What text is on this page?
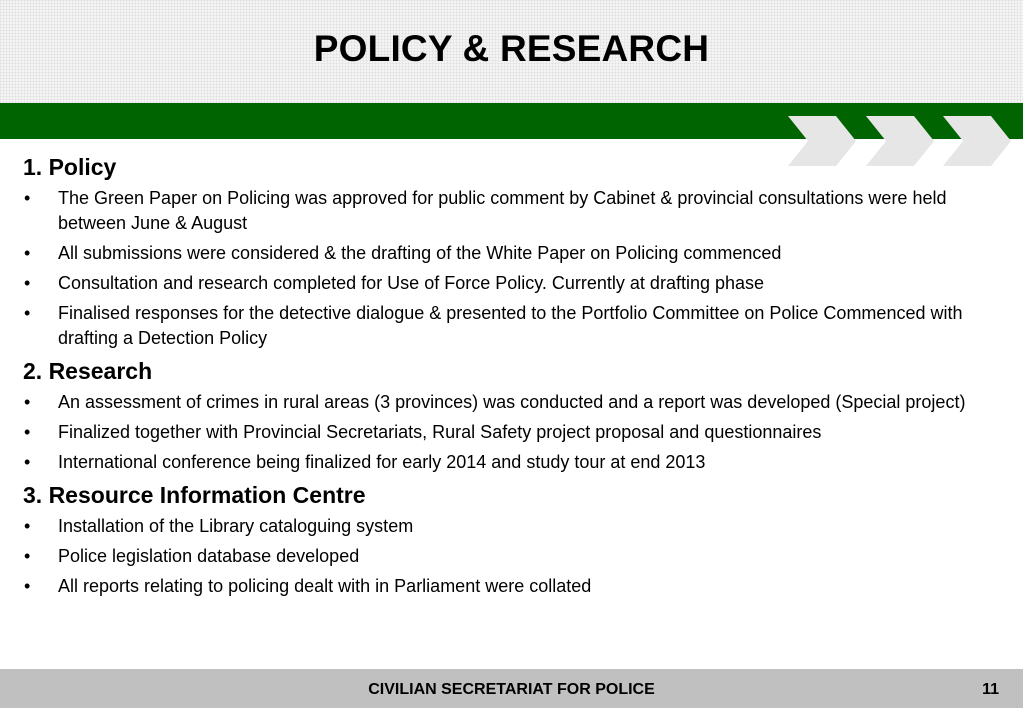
POLICY & RESEARCH
1. Policy
• The Green Paper on Policing was approved for public comment by Cabinet & provincial consultations were held between June & August
• All submissions were considered & the drafting of the White Paper on Policing commenced
• Consultation and research completed for Use of Force Policy. Currently at drafting phase
• Finalised responses for the detective dialogue & presented to the Portfolio Committee on Police Commenced with drafting a Detection Policy
2. Research
• An assessment of crimes in rural areas (3 provinces) was conducted and a report was developed (Special project)
• Finalized together with Provincial Secretariats, Rural Safety project proposal and questionnaires
• International conference being finalized for early 2014 and study tour at end 2013
3. Resource Information Centre
• Installation of the Library cataloguing system
• Police legislation database developed
• All reports relating to policing dealt with in Parliament were collated
CIVILIAN SECRETARIAT FOR POLICE	11
